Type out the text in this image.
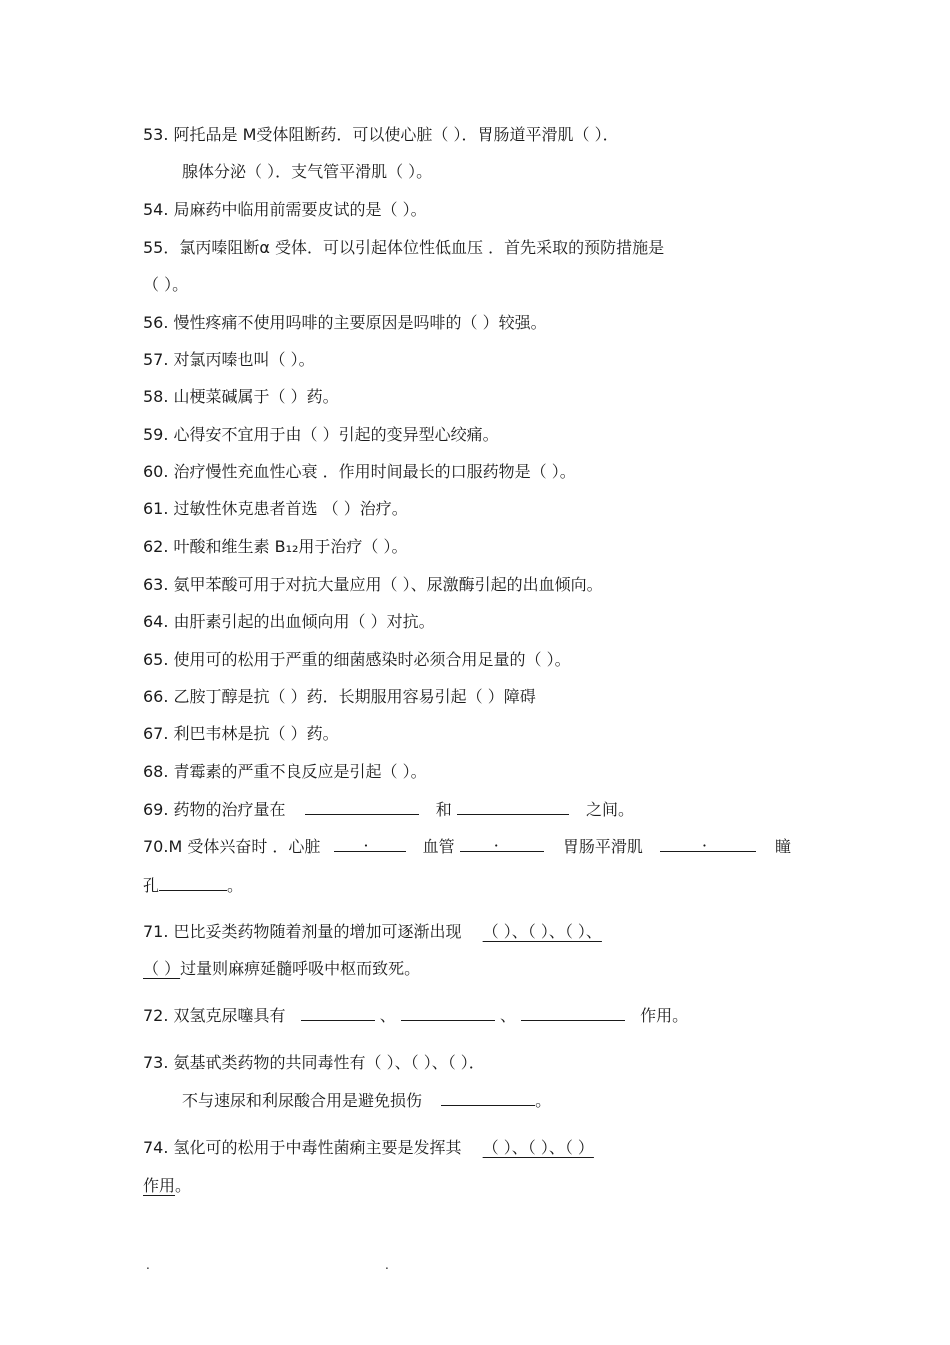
53. 阿托品是 M受体阻断药．可以使心脏（ ）．胃肠道平滑肌（ ）．
腺体分泌（ ）．支气管平滑肌（ ）。
54. 局麻药中临用前需要皮试的是（ ）。
55．氯丙嗪阻断α 受体．可以引起体位性低血压 ．首先采取的预防措施是
（ ）。
56. 慢性疼痛不使用吗啡的主要原因是吗啡的（ ）较强。
57. 对氯丙嗪也叫（ ）。
58. 山梗菜碱属于（ ）药。
59. 心得安不宜用于由（ ）引起的变异型心绞痛。
60. 治疗慢性充血性心衰 ．作用时间最长的口服药物是（ ）。
61. 过敏性休克患者首选 （ ）治疗。
62. 叶酸和维生素 B₁₂用于治疗（ ）。
63. 氨甲苯酸可用于对抗大量应用（ ）、尿激酶引起的出血倾向。
64. 由肝素引起的出血倾向用（ ）对抗。
65. 使用可的松用于严重的细菌感染时必须合用足量的（ ）。
66. 乙胺丁醇是抗（ ）药．长期服用容易引起（ ）障碍
67. 利巴韦林是抗（ ）药。
68. 青霉素的严重不良反应是引起（ ）。
69. 药物的治疗量在	和	之间。
70.M 受体兴奋时 ．心脏	．	血管 ．	胃肠平滑肌	．	瞳
孔	。
71. 巴比妥类药物随着剂量的增加可逐渐出现 （ ）、（ ）、（ ）、
（ ）过量则麻痹延髓呼吸中枢而致死。
72. 双氢克尿噻具有	、	、	作用。
73. 氨基甙类药物的共同毒性有（ ）、（ ）、（ ）．
不与速尿和利尿酸合用是避免损伤	。
74. 氢化可的松用于中毒性菌痢主要是发挥其 （ ）、（ ）、（ ）
作用。
.	.
